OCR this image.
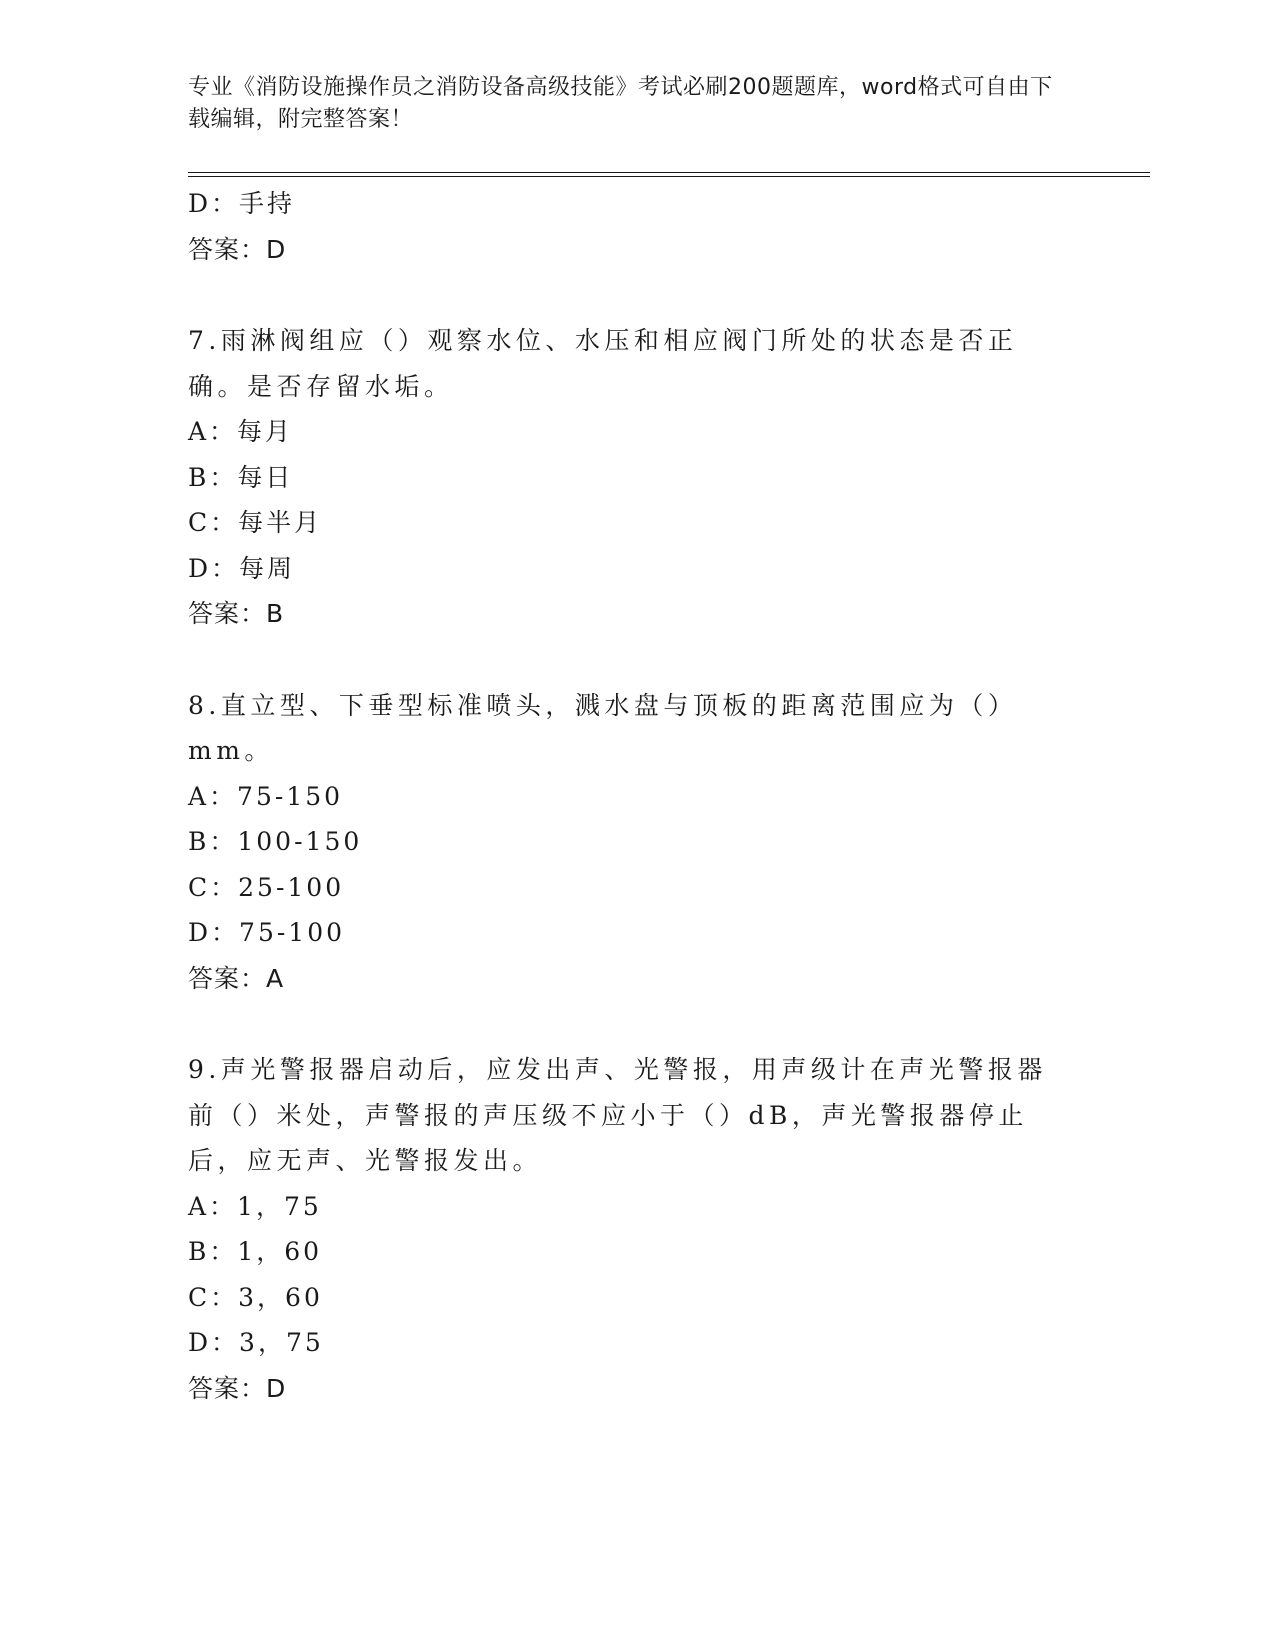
专业《消防设施操作员之消防设备高级技能》考试必刷200题题库，word格式可自由下载编辑，附完整答案！
D：手持
答案：D
7.雨淋阀组应（）观察水位、水压和相应阀门所处的状态是否正确。是否存留水垢。
A：每月
B：每日
C：每半月
D：每周
答案：B
8.直立型、下垂型标准喷头，溅水盘与顶板的距离范围应为（）mm。
A：75-150
B：100-150
C：25-100
D：75-100
答案：A
9.声光警报器启动后，应发出声、光警报，用声级计在声光警报器前（）米处，声警报的声压级不应小于（）dB，声光警报器停止后，应无声、光警报发出。
A：1，75
B：1，60
C：3，60
D：3，75
答案：D
